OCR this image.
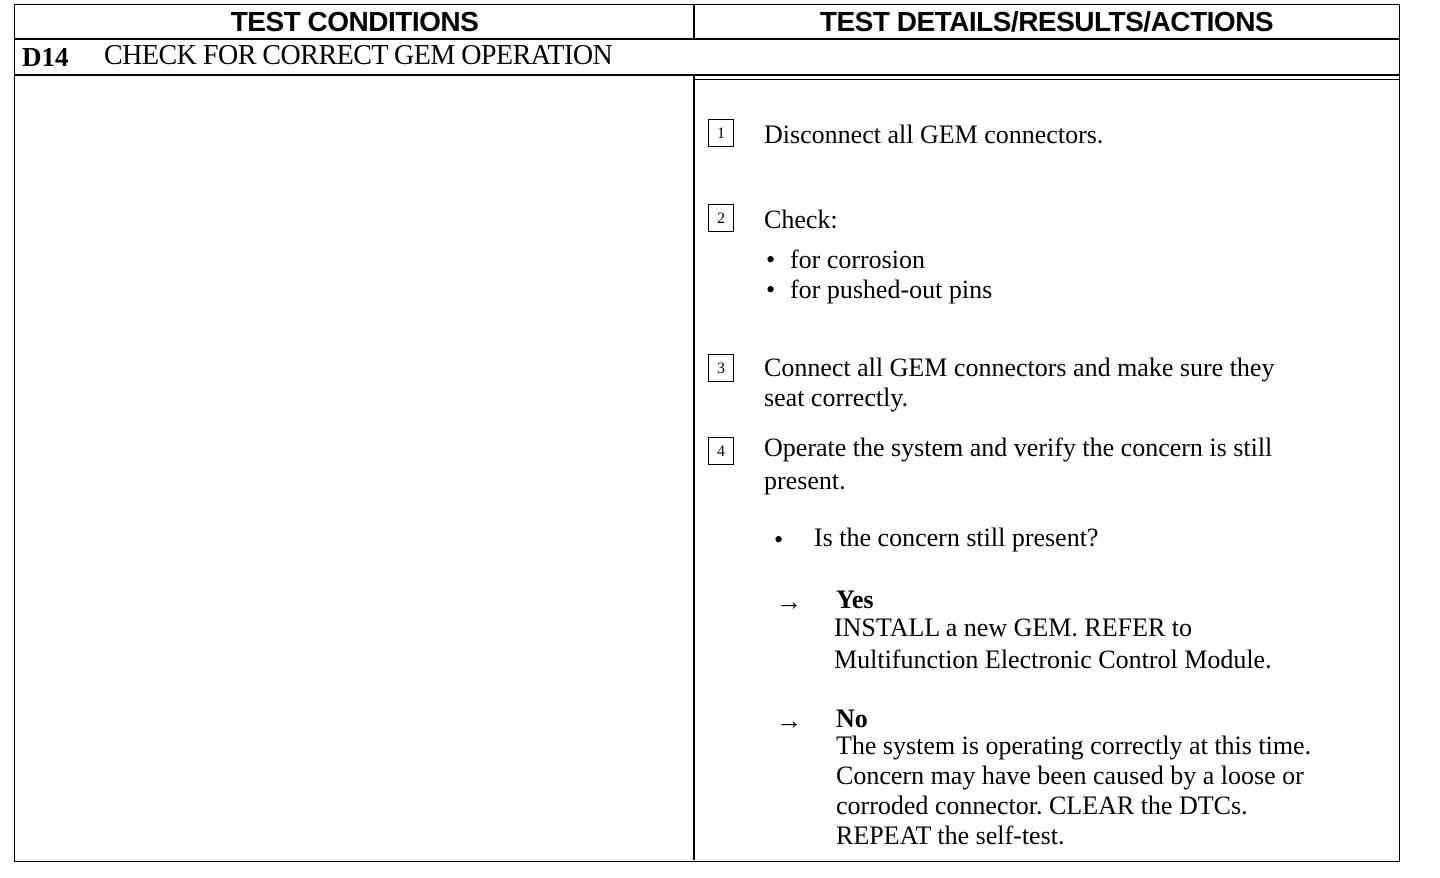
TEST CONDITIONS	TEST DETAILS/RESULTS/ACTIONS
D14 CHECK FOR CORRECT GEM OPERATION
1	Disconnect all GEM connectors.
2	Check:
• for corrosion
• for pushed-out pins
3	Connect all GEM connectors and make sure they
seat correctly.
4	Operate the system and verify the concern is still
present.
• Is the concern still present?
→ Yes
INSTALL a new GEM. REFER to
Multifunction Electronic Control Module.
→ No
The system is operating correctly at this time.
Concern may have been caused by a loose or
corroded connector. CLEAR the DTCs.
REPEAT the self-test.
